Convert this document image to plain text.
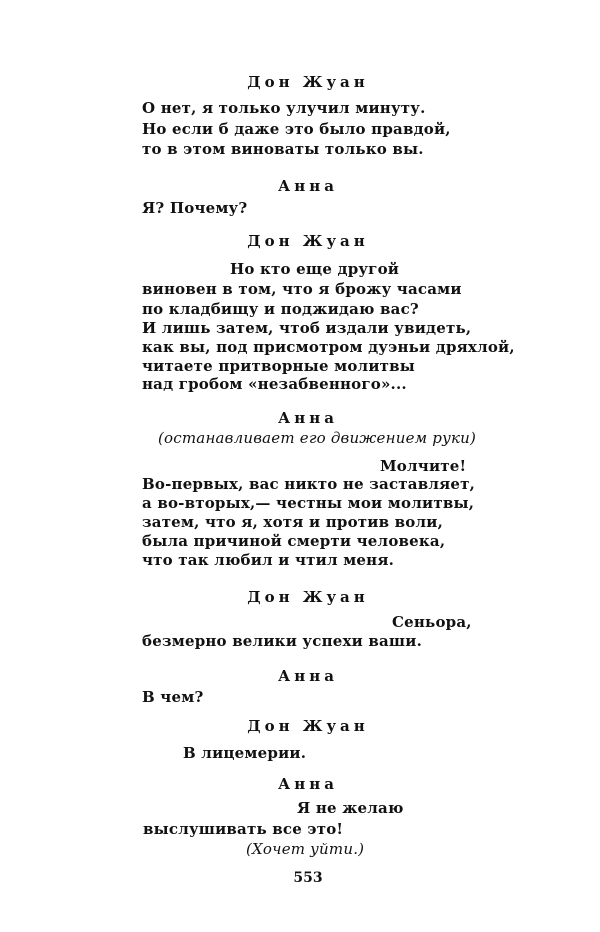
Дон Жуан
О нет, я только улучил минуту.
Но если б даже это было правдой,
то в этом виноваты только вы.
Анна
Я? Почему?
Дон Жуан
Но кто еще другой
виновен в том, что я брожу часами
по кладбищу и поджидаю вас?
И лишь затем, чтоб издали увидеть,
как вы, под присмотром дуэньи дряхлой,
читаете притворные молитвы
над гробом «незабвенного»...
Анна
(останавливает его движением руки)
Молчите!
Во-первых, вас никто не заставляет,
а во-вторых,— честны мои молитвы,
затем, что я, хотя и против воли,
была причиной смерти человека,
что так любил и чтил меня.
Дон Жуан
Сеньора,
безмерно велики успехи ваши.
Анна
В чем?
Дон Жуан
В лицемерии.
Анна
Я не желаю
выслушивать все это!
(Хочет уйти.)
553
